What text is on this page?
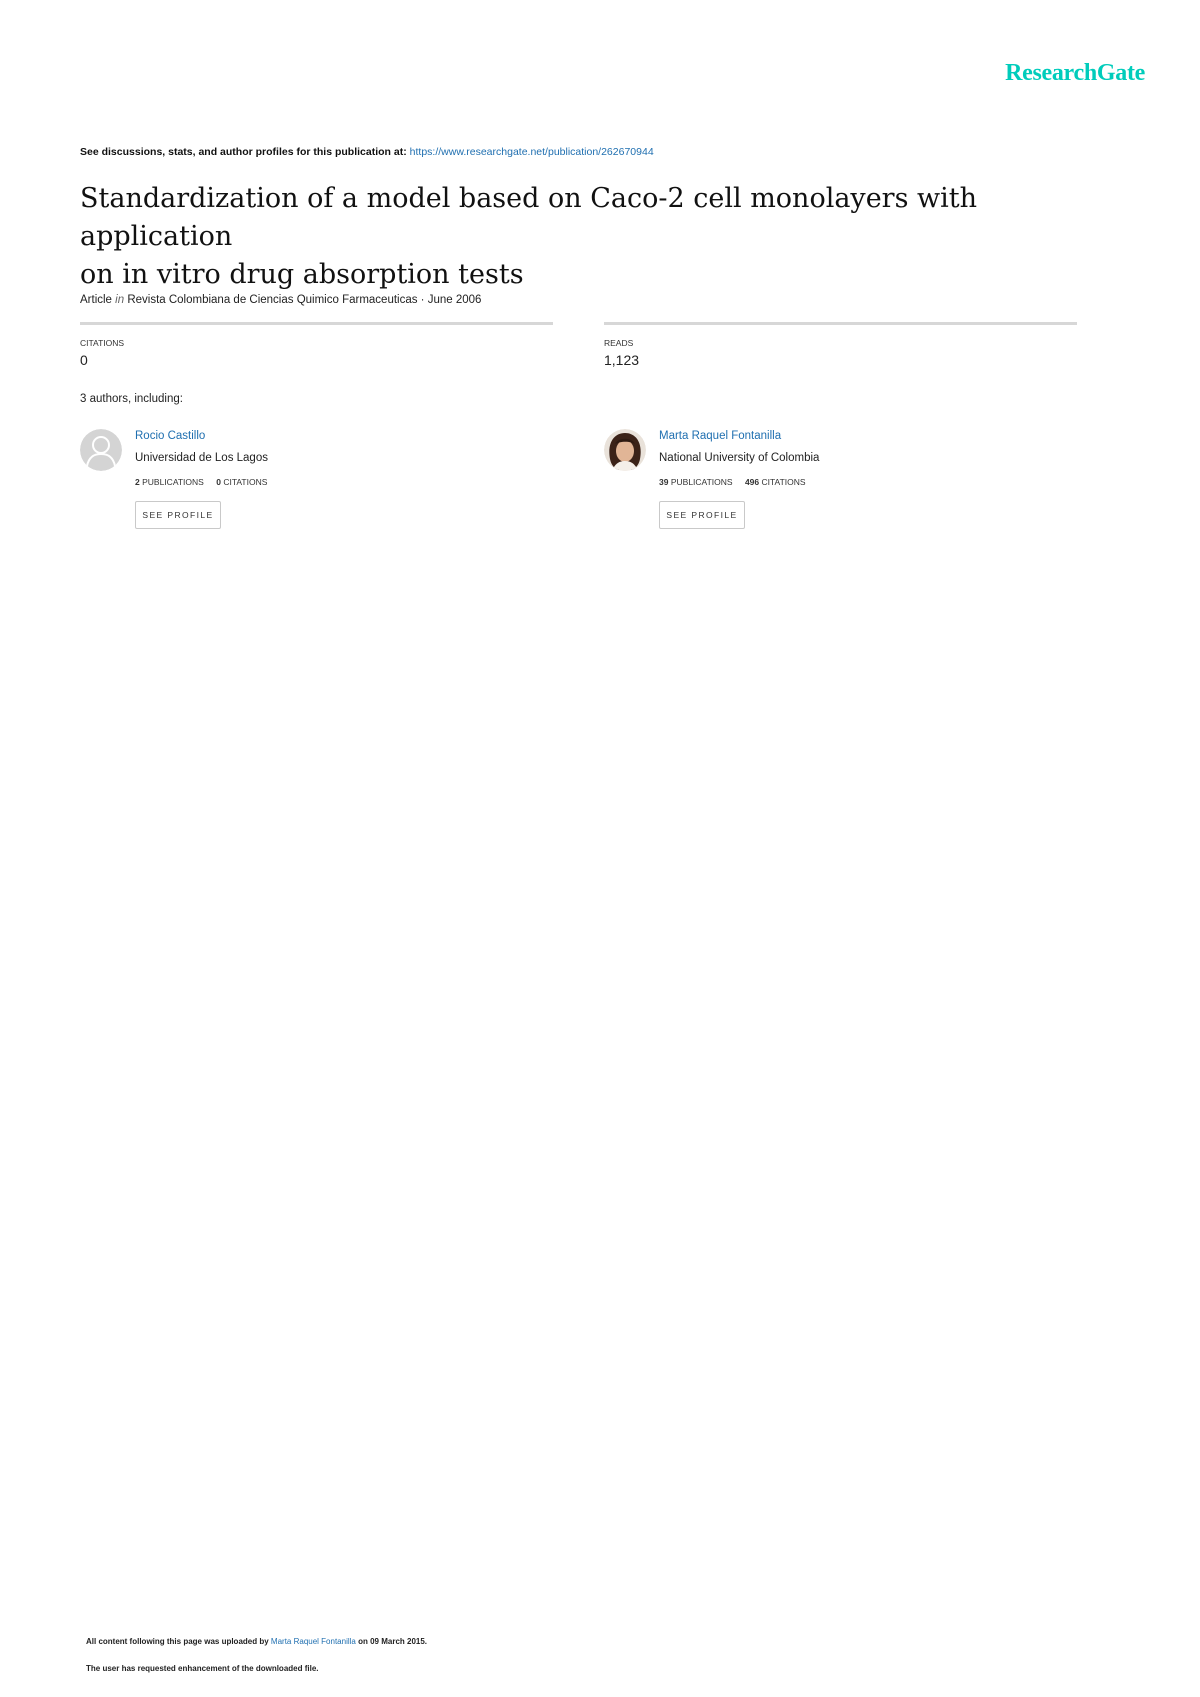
ResearchGate
See discussions, stats, and author profiles for this publication at: https://www.researchgate.net/publication/262670944
Standardization of a model based on Caco-2 cell monolayers with application
on in vitro drug absorption tests
Article in Revista Colombiana de Ciencias Quimico Farmaceuticas · June 2006
CITATIONS
0
READS
1,123
3 authors, including:
Rocio Castillo
Universidad de Los Lagos
2 PUBLICATIONS 0 CITATIONS
SEE PROFILE
Marta Raquel Fontanilla
National University of Colombia
39 PUBLICATIONS 496 CITATIONS
SEE PROFILE
All content following this page was uploaded by Marta Raquel Fontanilla on 09 March 2015.
The user has requested enhancement of the downloaded file.
